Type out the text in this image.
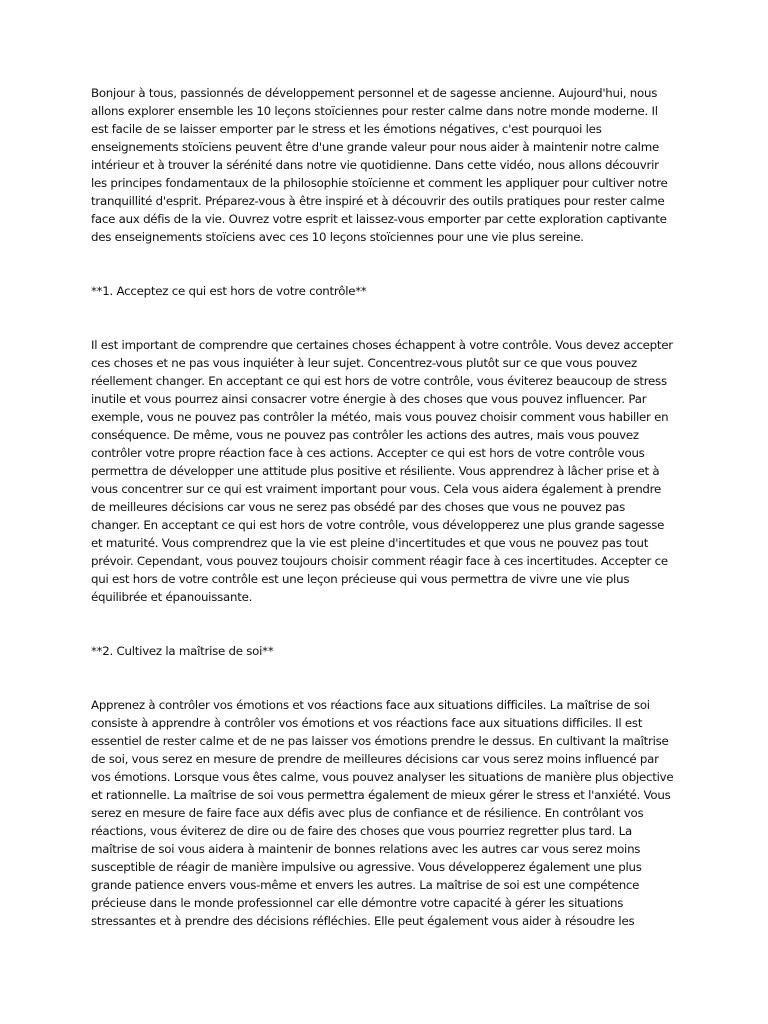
Bonjour à tous, passionnés de développement personnel et de sagesse ancienne. Aujourd'hui, nous allons explorer ensemble les 10 leçons stoïciennes pour rester calme dans notre monde moderne. Il est facile de se laisser emporter par le stress et les émotions négatives, c'est pourquoi les enseignements stoïciens peuvent être d'une grande valeur pour nous aider à maintenir notre calme intérieur et à trouver la sérénité dans notre vie quotidienne. Dans cette vidéo, nous allons découvrir les principes fondamentaux de la philosophie stoïcienne et comment les appliquer pour cultiver notre tranquillité d'esprit. Préparez-vous à être inspiré et à découvrir des outils pratiques pour rester calme face aux défis de la vie. Ouvrez votre esprit et laissez-vous emporter par cette exploration captivante des enseignements stoïciens avec ces 10 leçons stoïciennes pour une vie plus sereine.

**1. Acceptez ce qui est hors de votre contrôle**

Il est important de comprendre que certaines choses échappent à votre contrôle. Vous devez accepter ces choses et ne pas vous inquiéter à leur sujet. Concentrez-vous plutôt sur ce que vous pouvez réellement changer. En acceptant ce qui est hors de votre contrôle, vous éviterez beaucoup de stress inutile et vous pourrez ainsi consacrer votre énergie à des choses que vous pouvez influencer. Par exemple, vous ne pouvez pas contrôler la météo, mais vous pouvez choisir comment vous habiller en conséquence. De même, vous ne pouvez pas contrôler les actions des autres, mais vous pouvez contrôler votre propre réaction face à ces actions. Accepter ce qui est hors de votre contrôle vous permettra de développer une attitude plus positive et résiliente. Vous apprendrez à lâcher prise et à vous concentrer sur ce qui est vraiment important pour vous. Cela vous aidera également à prendre de meilleures décisions car vous ne serez pas obsédé par des choses que vous ne pouvez pas changer. En acceptant ce qui est hors de votre contrôle, vous développerez une plus grande sagesse et maturité. Vous comprendrez que la vie est pleine d'incertitudes et que vous ne pouvez pas tout prévoir. Cependant, vous pouvez toujours choisir comment réagir face à ces incertitudes. Accepter ce qui est hors de votre contrôle est une leçon précieuse qui vous permettra de vivre une vie plus équilibrée et épanouissante.

**2. Cultivez la maîtrise de soi**

Apprenez à contrôler vos émotions et vos réactions face aux situations difficiles. La maîtrise de soi consiste à apprendre à contrôler vos émotions et vos réactions face aux situations difficiles. Il est essentiel de rester calme et de ne pas laisser vos émotions prendre le dessus. En cultivant la maîtrise de soi, vous serez en mesure de prendre de meilleures décisions car vous serez moins influencé par vos émotions. Lorsque vous êtes calme, vous pouvez analyser les situations de manière plus objective et rationnelle. La maîtrise de soi vous permettra également de mieux gérer le stress et l'anxiété. Vous serez en mesure de faire face aux défis avec plus de confiance et de résilience. En contrôlant vos réactions, vous éviterez de dire ou de faire des choses que vous pourriez regretter plus tard. La maîtrise de soi vous aidera à maintenir de bonnes relations avec les autres car vous serez moins susceptible de réagir de manière impulsive ou agressive. Vous développerez également une plus grande patience envers vous-même et envers les autres. La maîtrise de soi est une compétence précieuse dans le monde professionnel car elle démontre votre capacité à gérer les situations stressantes et à prendre des décisions réfléchies. Elle peut également vous aider à résoudre les
